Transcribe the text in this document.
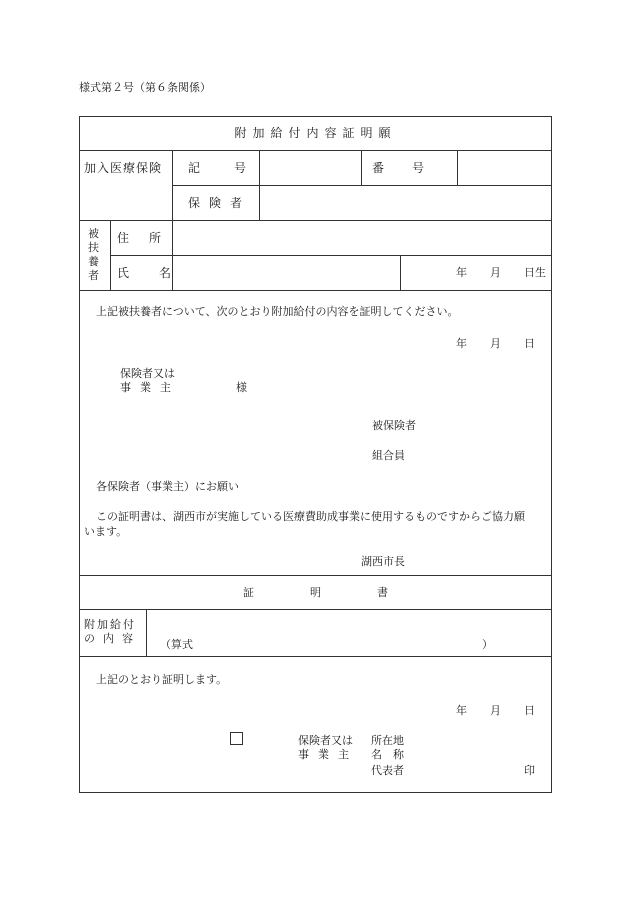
様式第２号（第６条関係）
附加給付内容証明願
加入医療保険 記号	番号
保険者
被
扶
養
者
住所
氏名	年 月 日生
上記被扶養者について、次のとおり附加給付の内容を証明してください。
年 月 日
保険者又は
事業主	様
被保険者
組合員
各保険者（事業主）にお願い
この証明書は、湖西市が実施している医療費助成事業に使用するものですからご協力願
います。
湖西市長
証明書
附加給付
の内容 （算式	）
上記のとおり証明します。
年 月 日
保険者又は
事業主
所在地
名称
代表者	印
